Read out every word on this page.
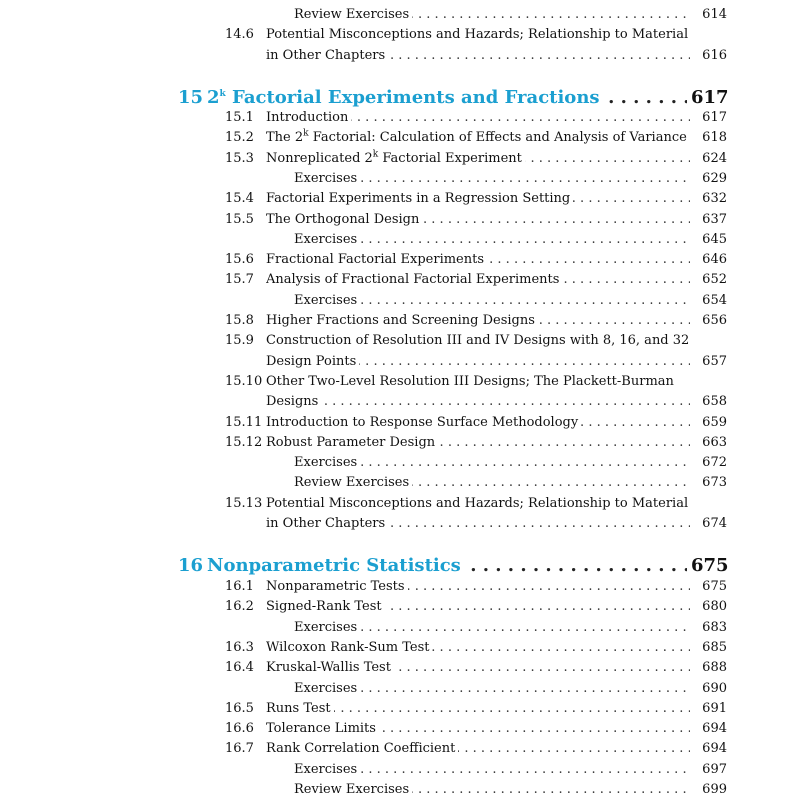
Review Exercises . . .	614
14.6 Potential Misconceptions and Hazards; Relationship to Material
in Other Chapters . . .	616
15 2$^k$ Factorial Experiments and Fractions . . .	617
15.1 Introduction . . .	617
15.2 The 2$^k$ Factorial: Calculation of Effects and Analysis of Variance . . . 618
15.3 Nonreplicated 2$^k$ Factorial Experiment . . .	624
Exercises . . .	629
15.4 Factorial Experiments in a Regression Setting . . .	632
15.5 The Orthogonal Design . . .	637
Exercises . . .	645
15.6 Fractional Factorial Experiments . . .	646
15.7 Analysis of Fractional Factorial Experiments . . .	652
Exercises . . .	654
15.8 Higher Fractions and Screening Designs . . .	656
15.9 Construction of Resolution III and IV Designs with 8, 16, and 32
Design Points . . .	657
15.10 Other Two-Level Resolution III Designs; The Plackett-Burman
Designs . . .	658
15.11 Introduction to Response Surface Methodology . . .	659
15.12 Robust Parameter Design . . .	663
Exercises . . .	672
Review Exercises . . .	673
15.13 Potential Misconceptions and Hazards; Relationship to Material
in Other Chapters . . .	674
16 Nonparametric Statistics . . .	675
16.1 Nonparametric Tests . . .	675
16.2 Signed-Rank Test . . .	680
Exercises . . .	683
16.3 Wilcoxon Rank-Sum Test . . .	685
16.4 Kruskal-Wallis Test . . .	688
Exercises . . .	690
16.5 Runs Test . . .	691
16.6 Tolerance Limits . . .	694
16.7 Rank Correlation Coefficient . . .	694
Exercises . . .	697
Review Exercises . . .	699
